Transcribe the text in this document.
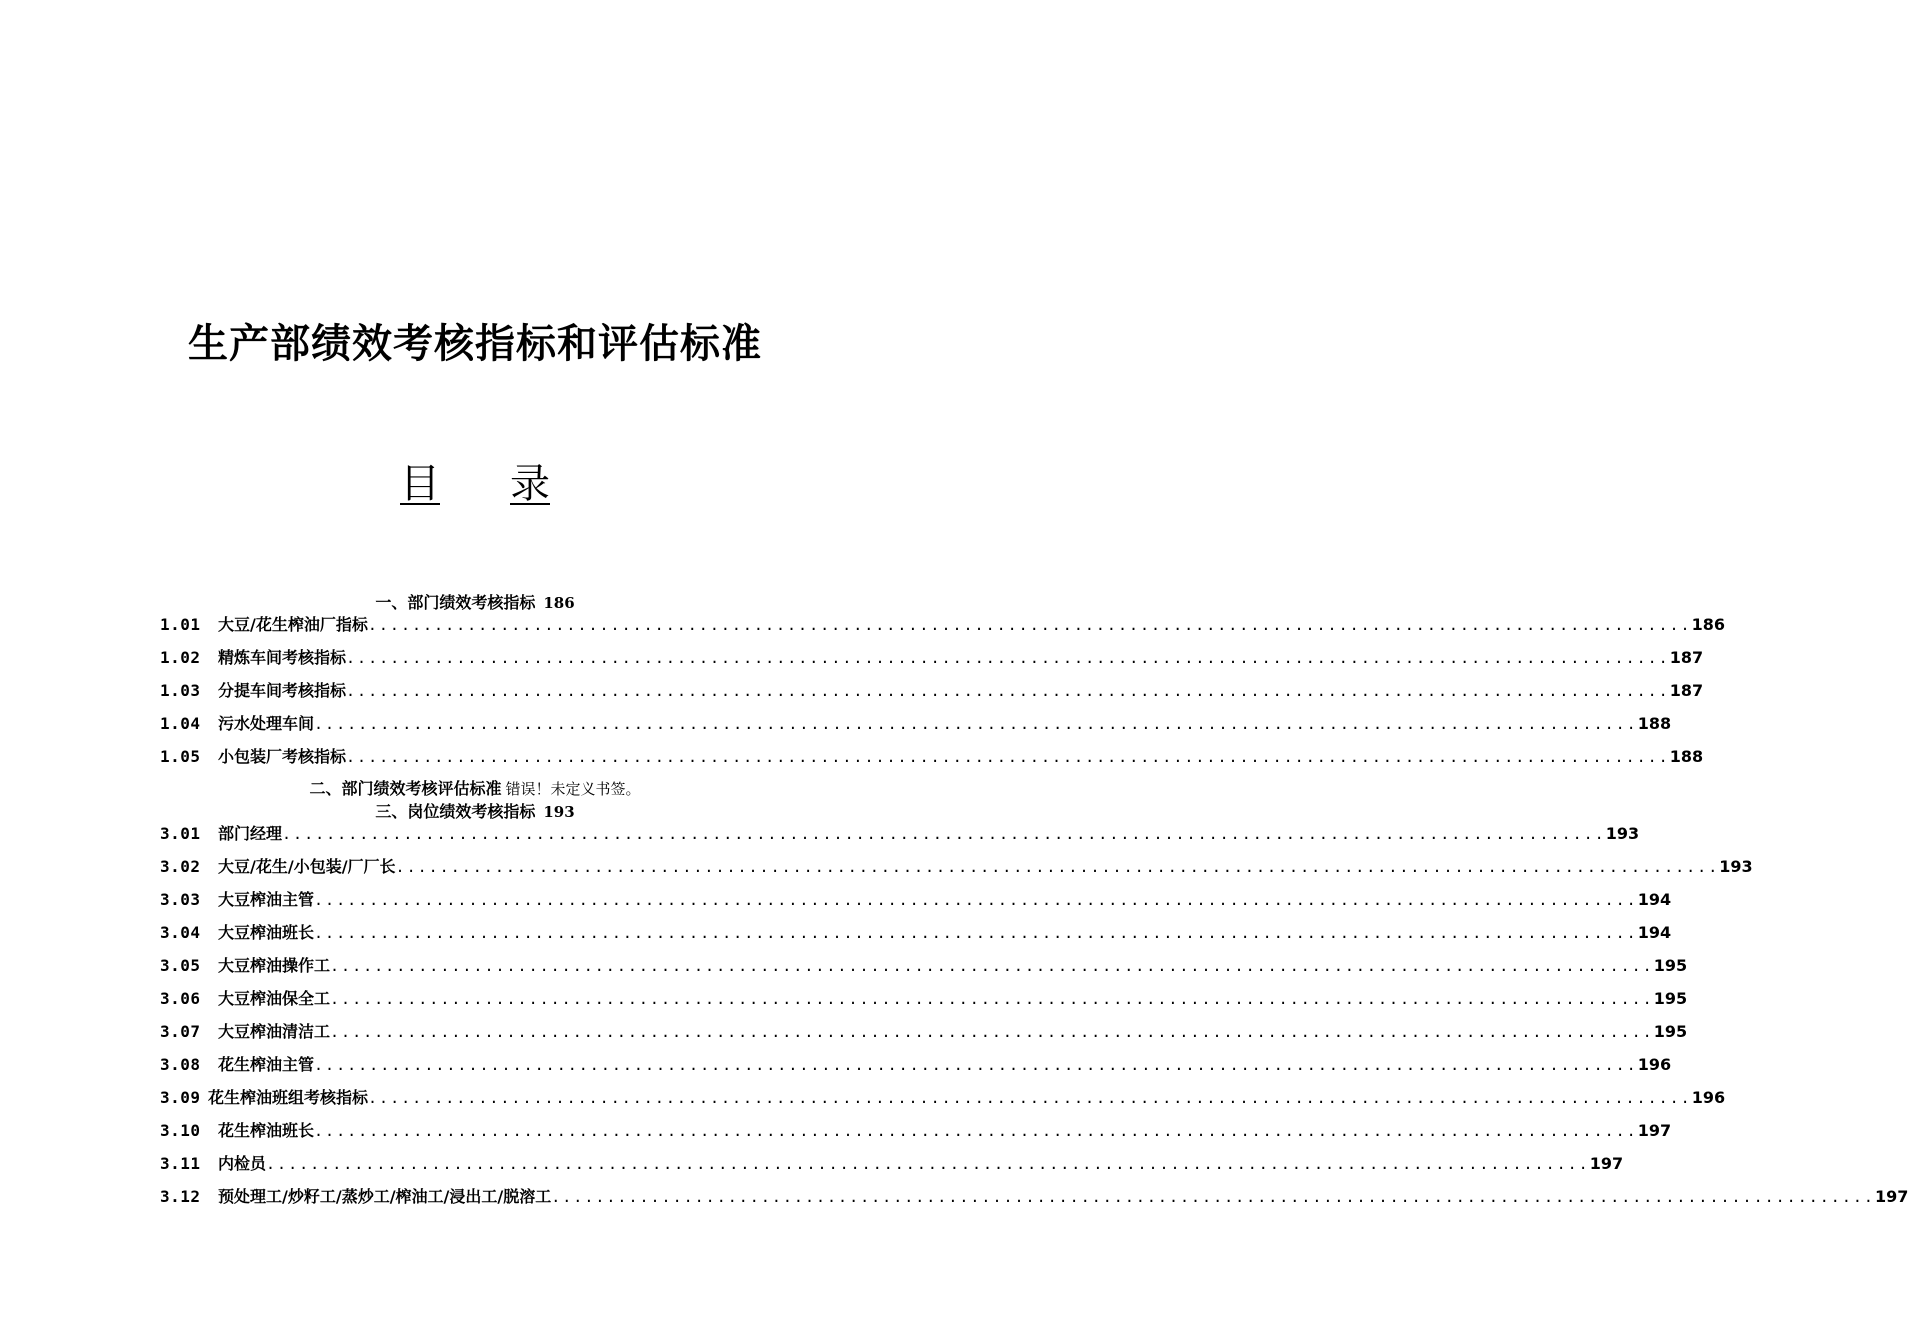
生产部绩效考核指标和评估标准
目 录
一、部门绩效考核指标 186
1.01	大豆/花生榨油厂指标 ........................................................................................................................ 186
1.02	精炼车间考核指标 ........................................................................................................................ 187
1.03	分提车间考核指标 ........................................................................................................................ 187
1.04	污水处理车间 ........................................................................................................................ 188
1.05	小包装厂考核指标 ........................................................................................................................ 188
二、部门绩效考核评估标准 错误！未定义书签。
三、岗位绩效考核指标 193
3.01	部门经理 ........................................................................................................................ 193
3.02	大豆/花生/小包装/厂厂长 ........................................................................................................................ 193
3.03	大豆榨油主管 ........................................................................................................................ 194
3.04	大豆榨油班长 ........................................................................................................................ 194
3.05	大豆榨油操作工 ........................................................................................................................ 195
3.06	大豆榨油保全工 ........................................................................................................................ 195
3.07	大豆榨油清洁工 ........................................................................................................................ 195
3.08	花生榨油主管 ........................................................................................................................ 196
3.09 花生榨油班组考核指标 ........................................................................................................................ 196
3.10	花生榨油班长 ........................................................................................................................ 197
3.11	内检员 ........................................................................................................................ 197
3.12	预处理工/炒籽工/蒸炒工/榨油工/浸出工/脱溶工 ........................................................................................................................ 197
